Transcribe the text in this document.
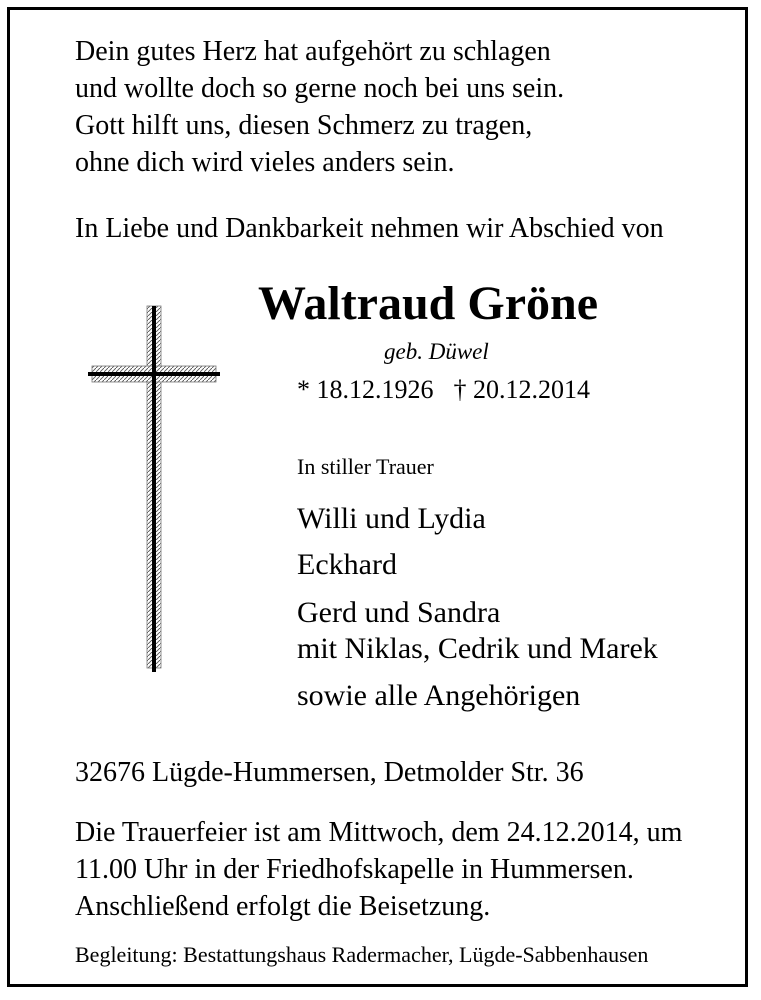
Dein gutes Herz hat aufgehört zu schlagen
und wollte doch so gerne noch bei uns sein.
Gott hilft uns, diesen Schmerz zu tragen,
ohne dich wird vieles anders sein.
In Liebe und Dankbarkeit nehmen wir Abschied von
Waltraud Gröne
geb. Düwel
* 18.12.1926 † 20.12.2014
In stiller Trauer
Willi und Lydia
Eckhard
Gerd und Sandra
mit Niklas, Cedrik und Marek
sowie alle Angehörigen
32676 Lügde-Hummersen, Detmolder Str. 36
Die Trauerfeier ist am Mittwoch, dem 24.12.2014, um
11.00 Uhr in der Friedhofskapelle in Hummersen.
Anschließend erfolgt die Beisetzung.
Begleitung: Bestattungshaus Radermacher, Lügde-Sabbenhausen
